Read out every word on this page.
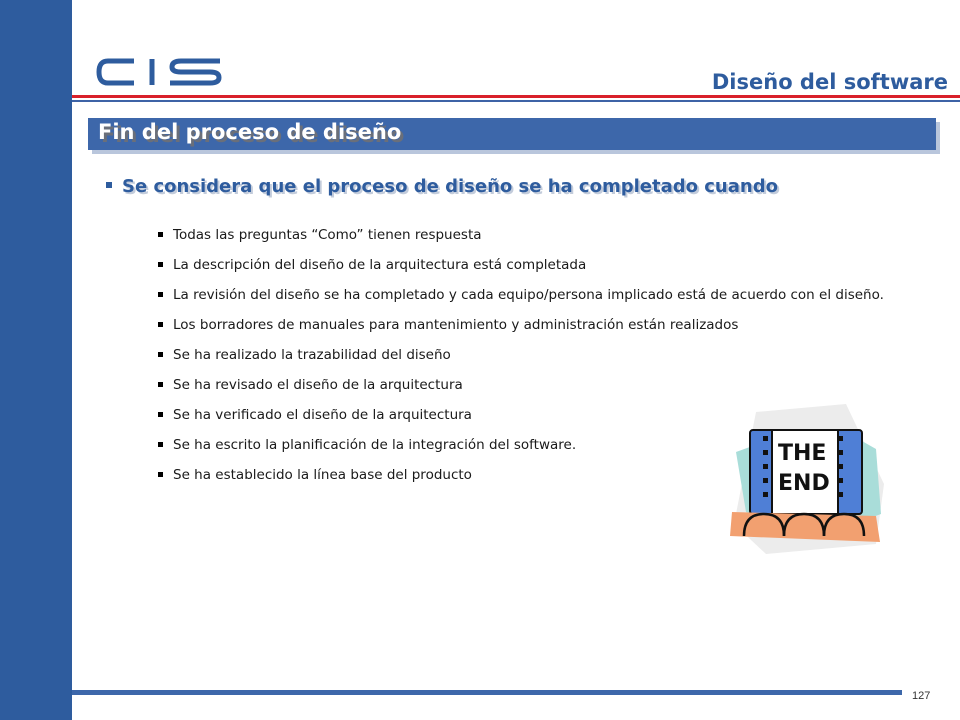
Diseño del software
Fin del proceso de diseño
Se considera que el proceso de diseño se ha completado cuando
Todas las preguntas “Como” tienen respuesta
La descripción del diseño de la arquitectura está completada
La revisión del diseño se ha completado y cada equipo/persona implicado está de acuerdo con el diseño.
Los borradores de manuales para mantenimiento y administración están realizados
Se ha realizado la trazabilidad del diseño
Se ha revisado el diseño de la arquitectura
Se ha verificado el diseño de la arquitectura
Se ha escrito la planificación de la integración del software.
Se ha establecido la línea base del producto
THE
END
127
